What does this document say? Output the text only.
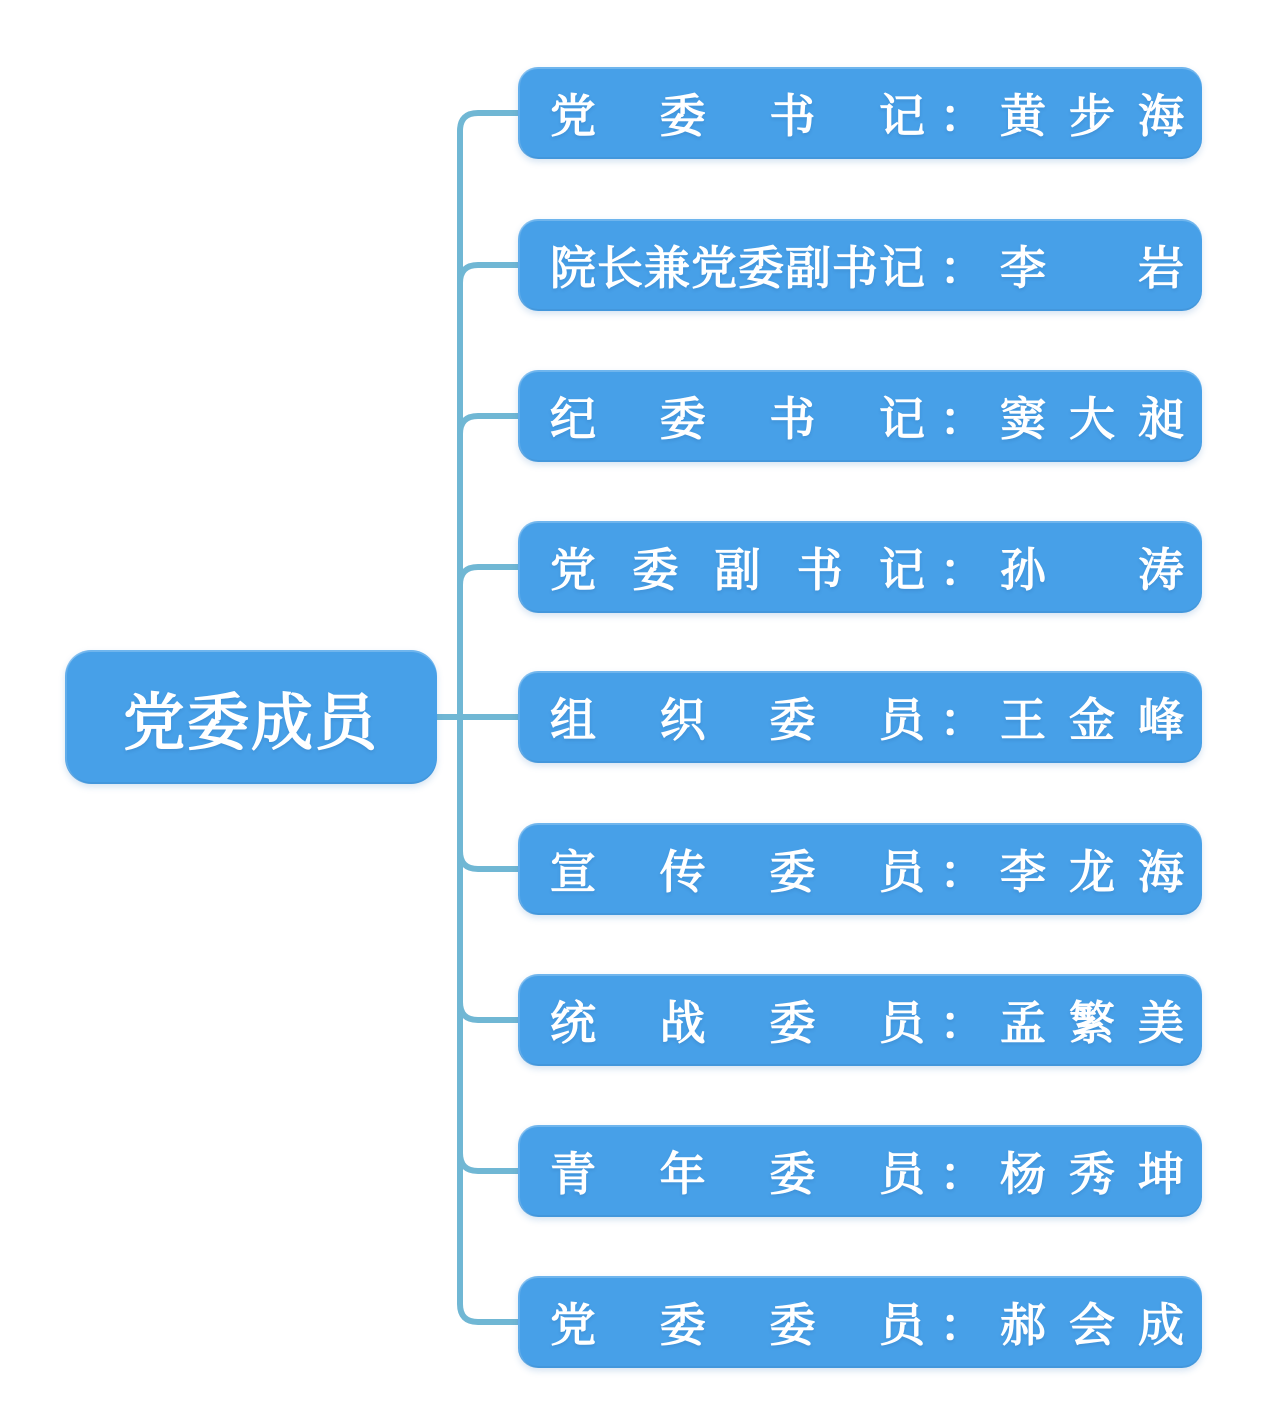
党委成员
党委书记 ： 黄步海
院长兼党委副书记 ： 李岩
纪委书记 ： 窦大昶
党委副书记 ： 孙涛
组织委员 ： 王金峰
宣传委员 ： 李龙海
统战委员 ： 孟繁美
青年委员 ： 杨秀坤
党委委员 ： 郝会成
